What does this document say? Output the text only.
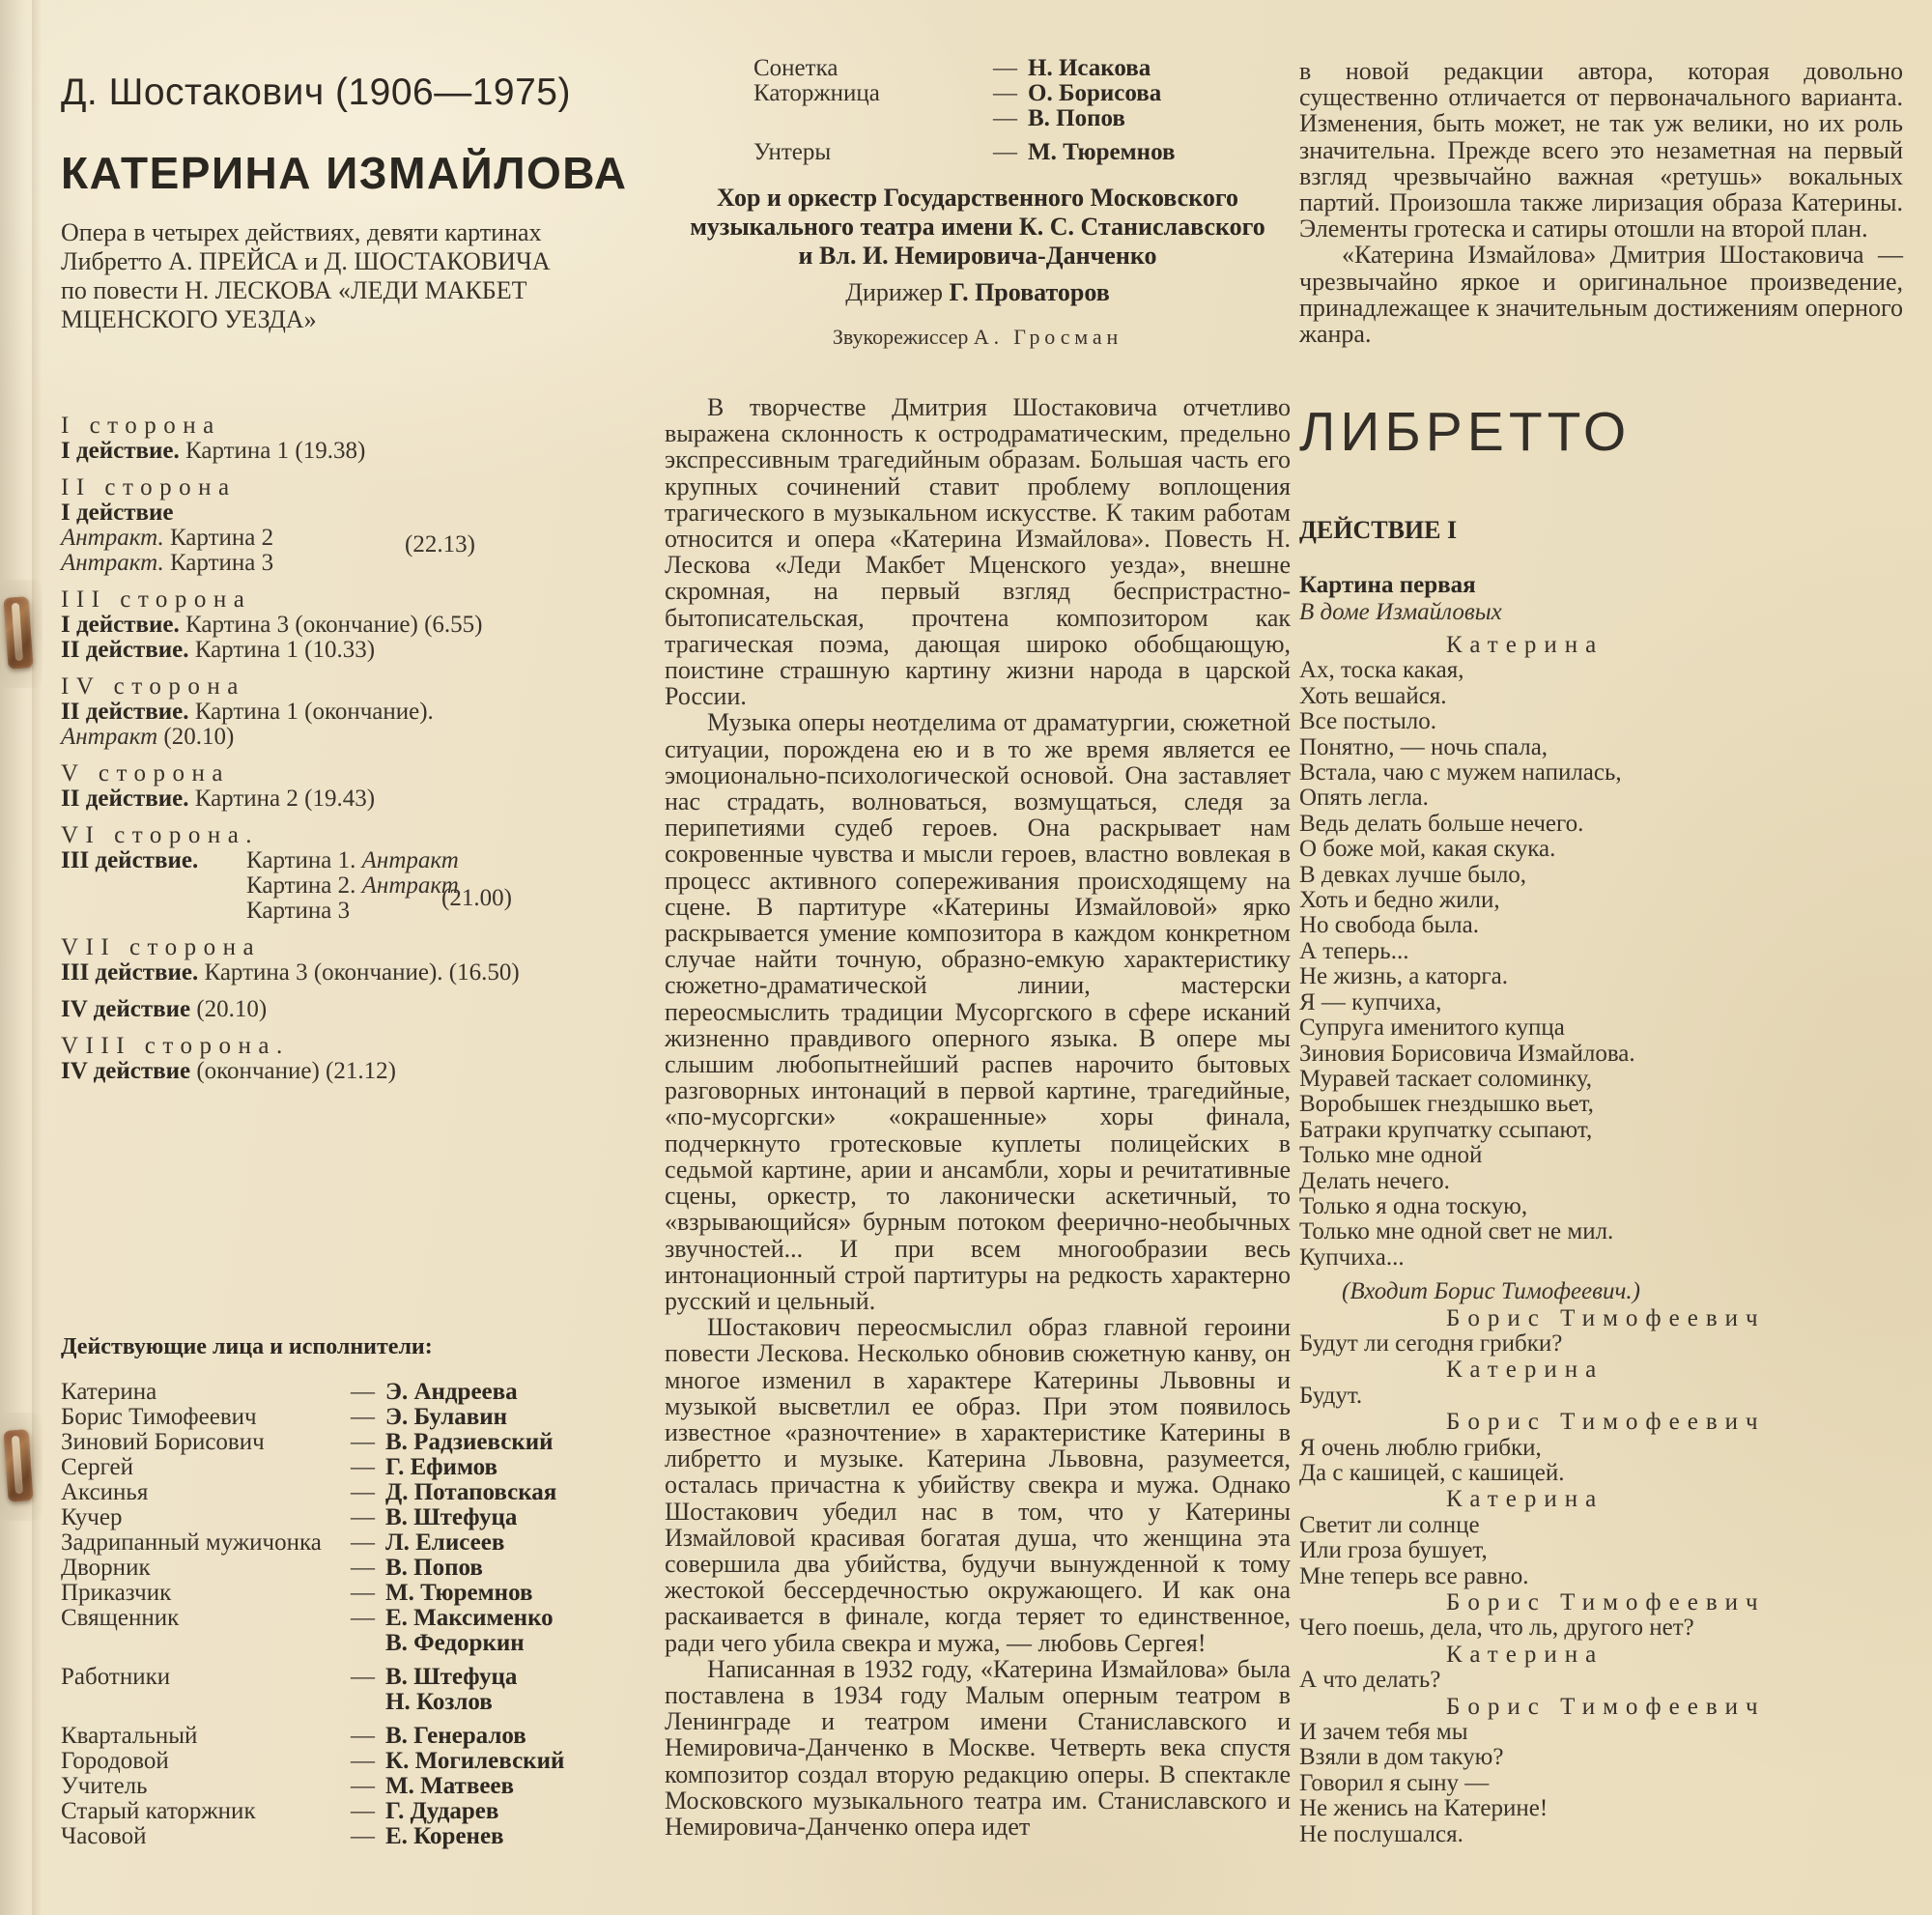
Д. Шостакович (1906—1975)
КАТЕРИНА ИЗМАЙЛОВА
Опера в четырех действиях, девяти картинах
Либретто А. ПРЕЙСА и Д. ШОСТАКОВИЧА
по повести Н. ЛЕСКОВА «ЛЕДИ МАКБЕТ
МЦЕНСКОГО УЕЗДА»
I сторона
I действие. Картина 1 (19.38)
II сторона
I действие
Антракт. Картина 2
Антракт. Картина 3
(22.13)
III сторона
I действие. Картина 3 (окончание) (6.55)
II действие. Картина 1 (10.33)
IV сторона
II действие. Картина 1 (окончание).
Антракт (20.10)
V сторона
II действие. Картина 2 (19.43)
VI сторона.
III действие.	Картина 1. Антракт
Картина 2. Антракт
Картина 3	(21.00)
VII сторона
III действие. Картина 3 (окончание). (16.50)
IV действие (20.10)
VIII сторона.
IV действие (окончание) (21.12)
Действующие лица и исполнители:
Катерина	— Э. Андреева
Борис Тимофеевич	— Э. Булавин
Зиновий Борисович	— В. Радзиевский
Сергей	— Г. Ефимов
Аксинья	— Д. Потаповская
Кучер	— В. Штефуца
Задрипанный мужичонка	— Л. Елисеев
Дворник	— В. Попов
Приказчик	— М. Тюремнов
Священник	— Е. Максименко
В. Федоркин
Работники	— В. Штефуца
Н. Козлов
Квартальный	— В. Генералов
Городовой	— К. Могилевский
Учитель	— М. Матвеев
Старый каторжник	— Г. Дударев
Часовой	— Е. Коренев
Сонетка	— Н. Исакова
Каторжница	— О. Борисова
— В. Попов
Унтеры	— М. Тюремнов
Хор и оркестр Государственного Московского
музыкального театра имени К. С. Станиславского
и Вл. И. Немировича-Данченко
Дирижер Г. Проваторов
Звукорежиссер А. Гросман

В творчестве Дмитрия Шостаковича отчетливо выражена склонность к остродраматическим, предельно экспрессивным трагедийным образам. Большая часть его крупных сочинений ставит проблему воплощения трагического в музыкальном искусстве. К таким работам относится и опера «Катерина Измайлова». Повесть Н. Лескова «Леди Макбет Мценского уезда», внешне скромная, на первый взгляд беспристрастно-бытописательская, прочтена композитором как трагическая поэма, дающая широко обобщающую, поистине страшную картину жизни народа в царской России.

Музыка оперы неотделима от драматургии, сюжетной ситуации, порождена ею и в то же время является ее эмоционально-психологической основой. Она заставляет нас страдать, волноваться, возмущаться, следя за перипетиями судеб героев. Она раскрывает нам сокровенные чувства и мысли героев, властно вовлекая в процесс активного сопереживания происходящему на сцене. В партитуре «Катерины Измайловой» ярко раскрывается умение композитора в каждом конкретном случае найти точную, образно-емкую характеристику сюжетно-драматической линии, мастерски переосмыслить традиции Мусоргского в сфере исканий жизненно правдивого оперного языка. В опере мы слышим любопытнейший распев нарочито бытовых разговорных интонаций в первой картине, трагедийные, «по-мусоргски» «окрашенные» хоры финала, подчеркнуто гротесковые куплеты полицейских в седьмой картине, арии и ансамбли, хоры и речитативные сцены, оркестр, то лаконически аскетичный, то «взрывающийся» бурным потоком феерично-необычных звучностей... И при всем многообразии весь интонационный строй партитуры на редкость характерно русский и цельный.

Шостакович переосмыслил образ главной героини повести Лескова. Несколько обновив сюжетную канву, он многое изменил в характере Катерины Львовны и музыкой высветлил ее образ. При этом появилось известное «разночтение» в характеристике Катерины в либретто и музыке. Катерина Львовна, разумеется, осталась причастна к убийству свекра и мужа. Однако Шостакович убедил нас в том, что у Катерины Измайловой красивая богатая душа, что женщина эта совершила два убийства, будучи вынужденной к тому жестокой бессердечностью окружающего. И как она раскаивается в финале, когда теряет то единственное, ради чего убила свекра и мужа, — любовь Сергея!

Написанная в 1932 году, «Катерина Измайлова» была поставлена в 1934 году Малым оперным театром в Ленинграде и театром имени Станиславского и Немировича-Данченко в Москве. Четверть века спустя композитор создал вторую редакцию оперы. В спектакле Московского музыкального театра им. Станиславского и Немировича-Данченко опера идет

в новой редакции автора, которая довольно существенно отличается от первоначального варианта. Изменения, быть может, не так уж велики, но их роль значительна. Прежде всего это незаметная на первый взгляд чрезвычайно важная «ретушь» вокальных партий. Произошла также лиризация образа Катерины. Элементы гротеска и сатиры отошли на второй план.

«Катерина Измайлова» Дмитрия Шостаковича — чрезвычайно яркое и оригинальное произведение, принадлежащее к значительным достижениям оперного жанра.

ЛИБРЕТТО
ДЕЙСТВИЕ I
Картина первая
В доме Измайловых
Катерина
Ах, тоска какая,
Хоть вешайся.
Все постыло.
Понятно, — ночь спала,
Встала, чаю с мужем напилась,
Опять легла.
Ведь делать больше нечего.
О боже мой, какая скука.
В девках лучше было,
Хоть и бедно жили,
Но свобода была.
А теперь...
Не жизнь, а каторга.
Я — купчиха,
Супруга именитого купца
Зиновия Борисовича Измайлова.
Муравей таскает соломинку,
Воробышек гнездышко вьет,
Батраки крупчатку ссыпают,
Только мне одной
Делать нечего.
Только я одна тоскую,
Только мне одной свет не мил.
Купчиха...
(Входит Борис Тимофеевич.)
Борис Тимофеевич
Будут ли сегодня грибки?
Катерина
Будут.
Борис Тимофеевич
Я очень люблю грибки,
Да с кашицей, с кашицей.
Катерина
Светит ли солнце
Или гроза бушует,
Мне теперь все равно.
Борис Тимофеевич
Чего поешь, дела, что ль, другого нет?
Катерина
А что делать?
Борис Тимофеевич
И зачем тебя мы
Взяли в дом такую?
Говорил я сыну —
Не женись на Катерине!
Не послушался.
